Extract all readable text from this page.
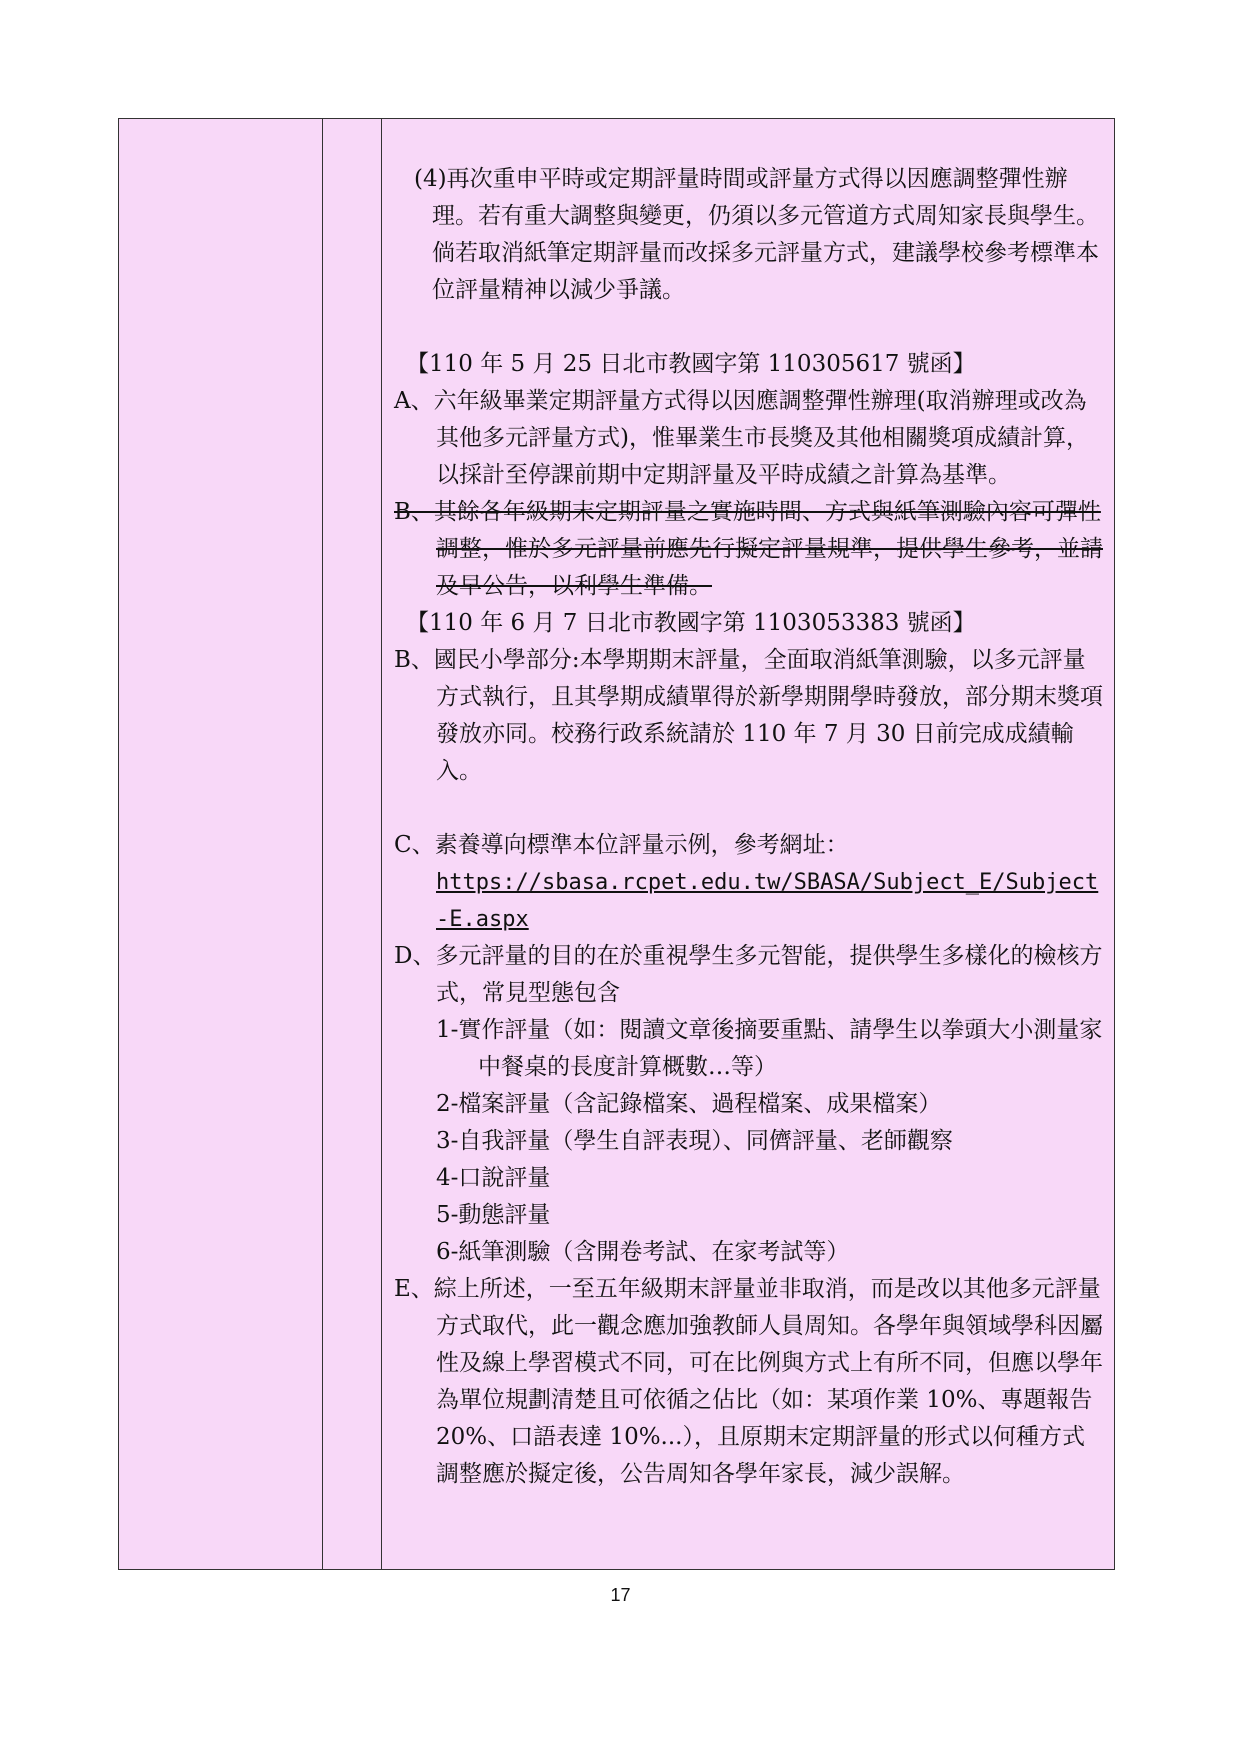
(4)再次重申平時或定期評量時間或評量方式得以因應調整彈性辦理。若有重大調整與變更，仍須以多元管道方式周知家長與學生。倘若取消紙筆定期評量而改採多元評量方式，建議學校參考標準本位評量精神以減少爭議。
【110 年 5 月 25 日北市教國字第 110305617 號函】
A、六年級畢業定期評量方式得以因應調整彈性辦理(取消辦理或改為其他多元評量方式)，惟畢業生市長獎及其他相關獎項成績計算，以採計至停課前期中定期評量及平時成績之計算為基準。
B、其餘各年級期末定期評量之實施時間、方式與紙筆測驗內容可彈性調整，惟於多元評量前應先行擬定評量規準，提供學生參考，並請及早公告，以利學生準備。
【110 年 6 月 7 日北市教國字第 1103053383 號函】
B、國民小學部分:本學期期末評量，全面取消紙筆測驗，以多元評量方式執行，且其學期成績單得於新學期開學時發放，部分期末獎項發放亦同。校務行政系統請於 110 年 7 月 30 日前完成成績輸入。
C、素養導向標準本位評量示例，參考網址：
https://sbasa.rcpet.edu.tw/SBASA/Subject_E/Subject-E.aspx
D、多元評量的目的在於重視學生多元智能，提供學生多樣化的檢核方式，常見型態包含
1-實作評量（如：閱讀文章後摘要重點、請學生以拳頭大小測量家中餐桌的長度計算概數…等）
2-檔案評量（含記錄檔案、過程檔案、成果檔案）
3-自我評量（學生自評表現）、同儕評量、老師觀察
4-口說評量
5-動態評量
6-紙筆測驗（含開卷考試、在家考試等）
E、綜上所述，一至五年級期末評量並非取消，而是改以其他多元評量方式取代，此一觀念應加強教師人員周知。各學年與領域學科因屬性及線上學習模式不同，可在比例與方式上有所不同，但應以學年為單位規劃清楚且可依循之佔比（如：某項作業 10%、專題報告 20%、口語表達 10%...），且原期末定期評量的形式以何種方式調整應於擬定後，公告周知各學年家長，減少誤解。
17
